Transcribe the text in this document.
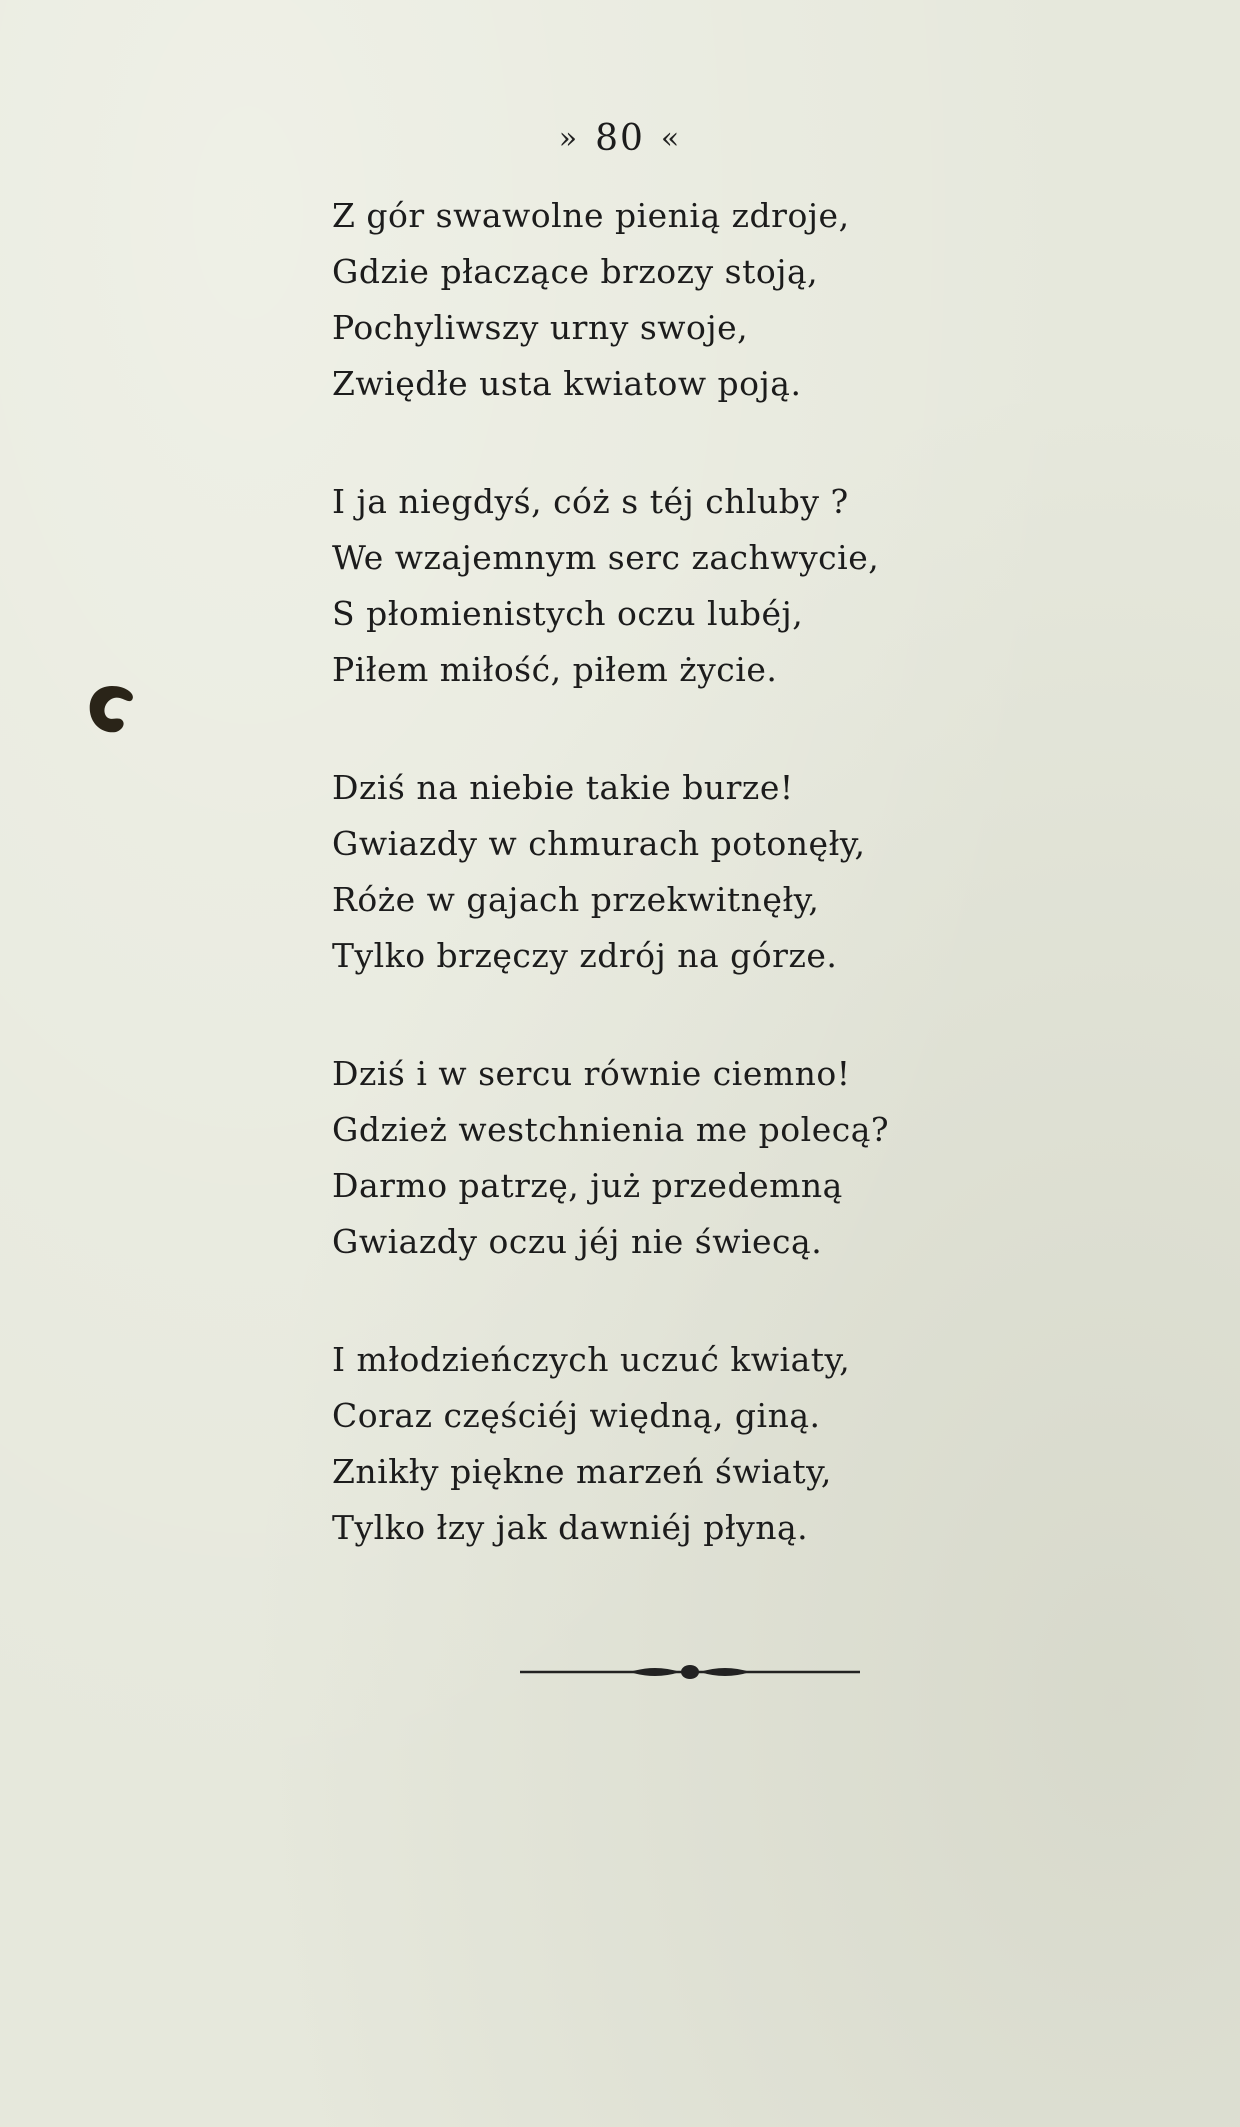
» 80 «
Z gór swawolne pienią zdroje,
Gdzie płaczące brzozy stoją,
Pochyliwszy urny swoje,
Zwiędłe usta kwiatow poją.
I ja niegdyś, cóż s téj chluby ?
We wzajemnym serc zachwycie,
S płomienistych oczu lubéj,
Piłem miłość, piłem życie.
Dziś na niebie takie burze!
Gwiazdy w chmurach potonęły,
Róże w gajach przekwitnęły,
Tylko brzęczy zdrój na górze.
Dziś i w sercu równie ciemno!
Gdzież westchnienia me polecą?
Darmo patrzę, już przedemną
Gwiazdy oczu jéj nie świecą.
I młodzieńczych uczuć kwiaty,
Coraz częściéj więdną, giną.
Znikły piękne marzeń światy,
Tylko łzy jak dawniéj płyną.
